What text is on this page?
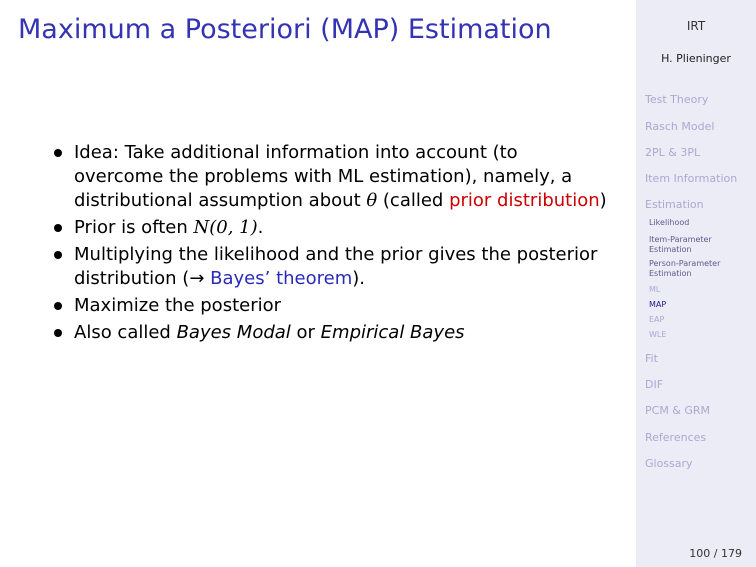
Maximum a Posteriori (MAP) Estimation
Idea: Take additional information into account (to overcome the problems with ML estimation), namely, a distributional assumption about θ (called prior distribution)
Prior is often N(0, 1).
Multiplying the likelihood and the prior gives the posterior distribution (→ Bayes’ theorem).
Maximize the posterior
Also called Bayes Modal or Empirical Bayes
IRT
H. Plieninger
Test Theory
Rasch Model
2PL & 3PL
Item Information
Estimation
Likelihood
Item-Parameter
Estimation
Person-Parameter
Estimation
ML
MAP
EAP
WLE
Fit
DIF
PCM & GRM
References
Glossary
100 / 179
